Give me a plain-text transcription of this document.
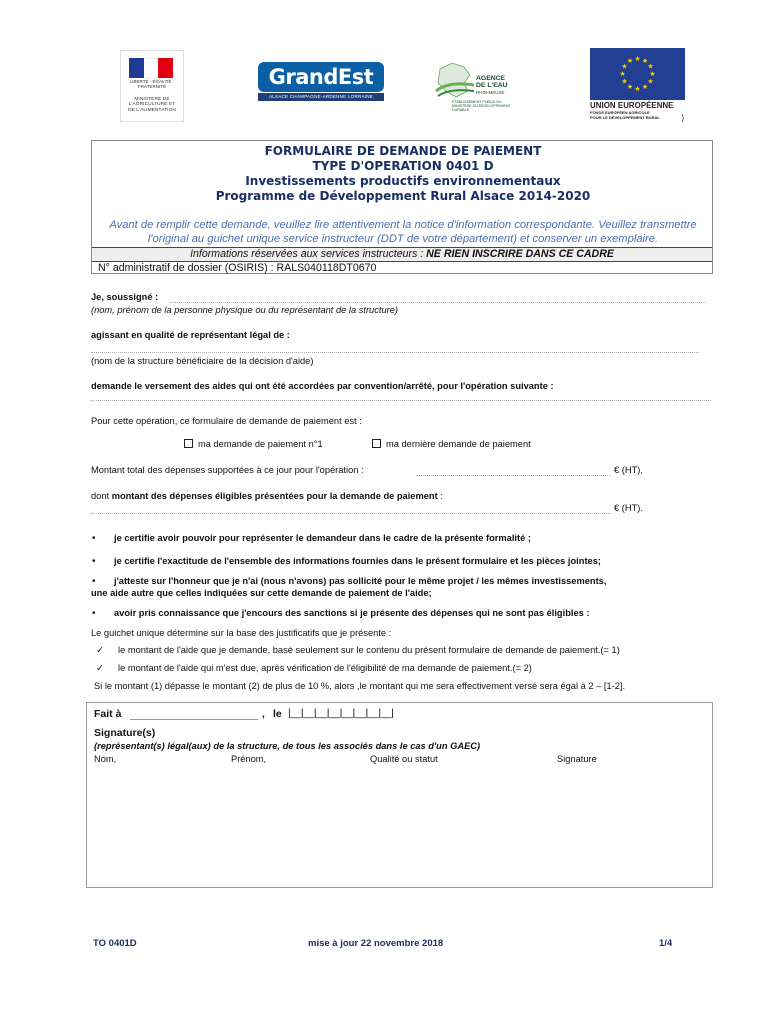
LIBERTÉ · ÉGALITÉ · FRATERNITÉ
MINISTÈRE DE L'AGRICULTURE ET DE L'ALIMENTATION
GrandEst
ALSACE CHAMPAGNE-ARDENNE LORRAINE
AGENCE
DE L'EAU
RHIN-MEUSE
ÉTABLISSEMENT PUBLIC DU MINISTÈRE DU DÉVELOPPEMENT DURABLE
★ ★
★
★
★
★
★
★
★
★
★
★
UNION EUROPÉENNE
FONDS EUROPÉEN AGRICOLE
POUR LE DÉVELOPPEMENT RURAL	⟩
FORMULAIRE DE DEMANDE DE PAIEMENT
TYPE D'OPERATION 0401 D
Investissements productifs environnementaux
Programme de Développement Rural Alsace 2014-2020
Avant de remplir cette demande, veuillez lire attentivement la notice d'information correspondante. Veuillez transmettre
l'original au guichet unique service instructeur (DDT de votre département) et conserver un exemplaire.
Informations réservées aux services instructeurs : NE RIEN INSCRIRE DANS CE CADRE
N° administratif de dossier (OSIRIS) : RALS040118DT0670
Je, soussigné :
(nom, prénom de la personne physique ou du représentant de la structure)
agissant en qualité de représentant légal de :
(nom de la structure bénéficiaire de la décision d'aide)
demande le versement des aides qui ont été accordées par convention/arrêté, pour l'opération suivante :
Pour cette opération, ce formulaire de demande de paiement est :
ma demande de paiement n°1	ma dernière demande de paiement
Montant total des dépenses supportées à ce jour pour l'opération :	€ (HT),
dont montant des dépenses éligibles présentées pour la demande de paiement :
€ (HT).
• je certifie avoir pouvoir pour représenter le demandeur dans le cadre de la présente formalité ;
• je certifie l'exactitude de l'ensemble des informations fournies dans le présent formulaire et les pièces jointes;
• j'atteste sur l'honneur que je n'ai (nous n'avons) pas sollicité pour le même projet / les mêmes investissements,
une aide autre que celles indiquées sur cette demande de paiement de l'aide;
• avoir pris connaissance que j'encours des sanctions si je présente des dépenses qui ne sont pas éligibles :
Le guichet unique détermine sur la base des justificatifs que je présente :
✓ le montant de l'aide que je demande, basé seulement sur le contenu du présent formulaire de demande de paiement.(= 1)
✓ le montant de l'aide qui m'est due, après vérification de l'éligibilité de ma demande de paiement.(= 2)
Si le montant (1) dépasse le montant (2) de plus de 10 %, alors ,le montant qui me sera effectivement versé sera égal à 2 – [1-2].
Fait à	, le |__|__|__|__|__|__|__|__|
Signature(s)
(représentant(s) légal(aux) de la structure, de tous les associés dans le cas d'un GAEC)
Nom,	Prénom,	Qualité ou statut	Signature
TO 0401D	mise à jour 22 novembre 2018	1/4
